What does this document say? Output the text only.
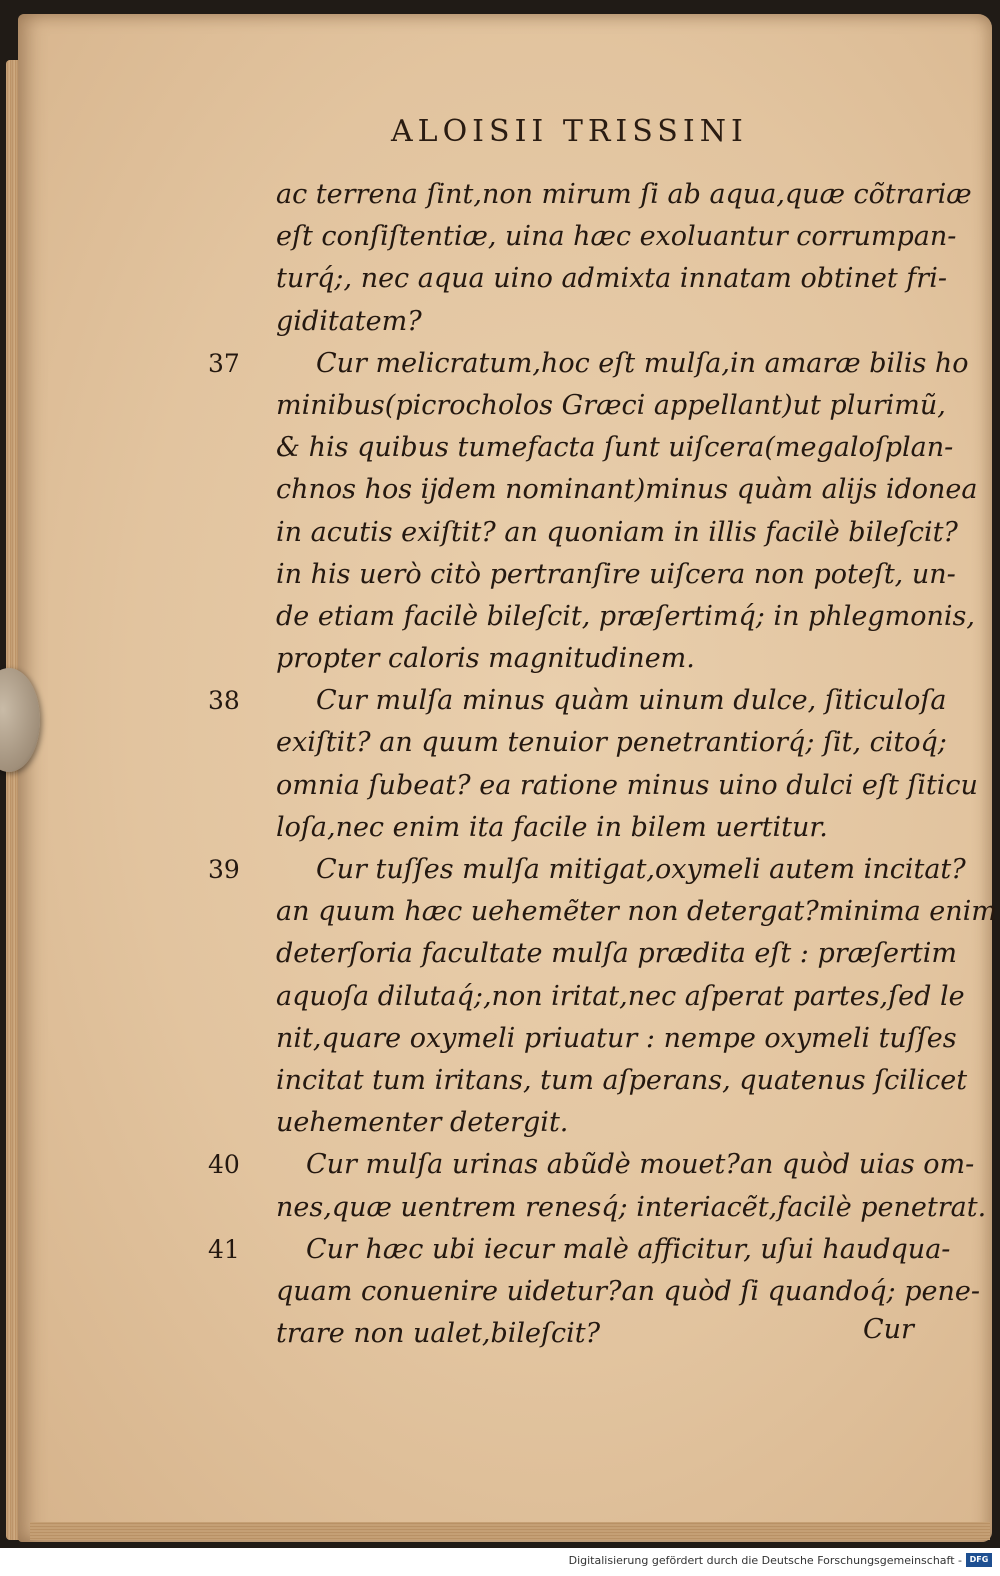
ALOISII TRISSINI
ac terrena ſint,non mirum ſi ab aqua,quæ cõtrariæ
eſt conſiſtentiæ, uina hæc exoluantur corrumpan-
turq́;, nec aqua uino admixta innatam obtinet fri-
giditatem?
37	Cur melicratum,hoc eſt mulſa,in amaræ bilis ho
minibus(picrocholos Græci appellant)ut plurimũ,
& his quibus tumefacta ſunt uiſcera(megaloſplan-
chnos hos ijdem nominant)minus quàm alijs idonea
in acutis exiſtit? an quoniam in illis facilè bileſcit?
in his uerò citò pertranſire uiſcera non poteſt, un-
de etiam facilè bileſcit, præſertimq́; in phlegmonis,
propter caloris magnitudinem.
38	Cur mulſa minus quàm uinum dulce, ſiticuloſa
exiſtit? an quum tenuior penetrantiorq́; ſit, citoq́;
omnia ſubeat? ea ratione minus uino dulci eſt ſiticu
loſa,nec enim ita facile in bilem uertitur.
39	Cur tuſſes mulſa mitigat,oxymeli autem incitat?
an quum hæc uehemẽter non detergat?minima enim
deterſoria facultate mulſa prædita eſt : præſertim
aquoſa dilutaq́;,non iritat,nec aſperat partes,ſed le
nit,quare oxymeli priuatur : nempe oxymeli tuſſes
incitat tum iritans, tum aſperans, quatenus ſcilicet
uehementer detergit.
40 Cur mulſa urinas abũdè mouet?an quòd uias om-
nes,quæ uentrem renesq́; interiacẽt,facilè penetrat.
41 Cur hæc ubi iecur malè afficitur, uſui haudqua-
quam conuenire uidetur?an quòd ſi quandoq́; pene-
trare non ualet,bileſcit?	Cur
Digitalisierung gefördert durch die Deutsche Forschungsgemeinschaft - DFG
